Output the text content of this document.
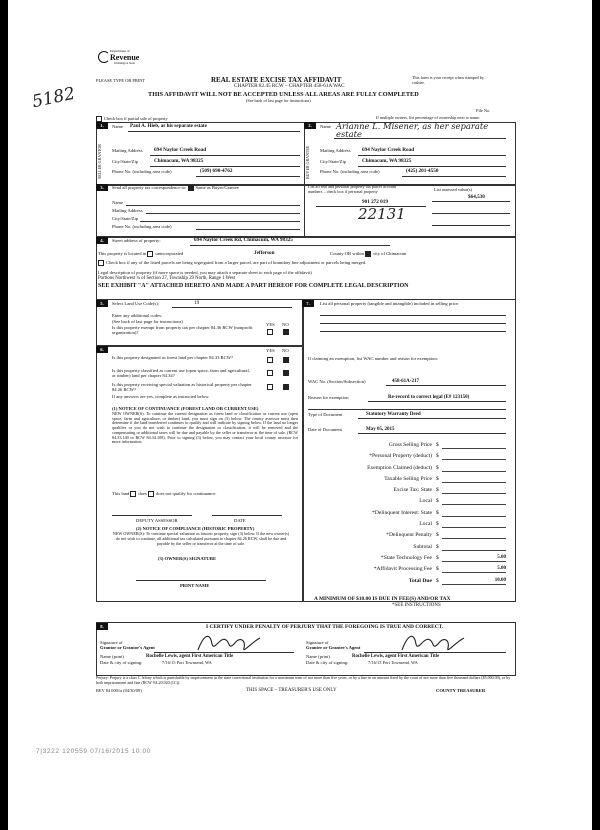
5182
Department of
Revenue
Washington State
PLEASE TYPE OR PRINT	REAL ESTATE EXCISE TAX AFFIDAVIT
CHAPTER 82.45 RCW – CHAPTER 458-61A WAC
THIS AFFIDAVIT WILL NOT BE ACCEPTED UNLESS ALL AREAS ARE FULLY COMPLETED
(See back of last page for instructions)
This form is your receipt when stamped by cashier.
File No.
Check box if partial sale of property	If multiple owners, list percentage of ownership next to name.
1.	2.
SELLER GRANTOR	BUYER GRANTEE
Name Paul A. Hieb, as his separate estate
Mailing Address 694 Naylor Creek Road
City/State/Zip	Chimacum, WA 98325
Phone No. (including area code)	(509) 690-4762
Name Arianne L. Misener, as her separate estate
Mailing Address 694 Naylor Creek Road
City/State/Zip	Chimacum, WA 98325
Phone No. (including area code)	(425) 201-4550
3.	Send all property tax correspondence to: Same as Buyer/Grantee	List all real and personal property tax parcel account numbers – check box if personal property	List assessed value(s)
Name
Mailing Address
City/State/Zip
Phone No. (including area code)
901 272 019
$64,530
22131
4.	Street address of property:	694 Naylor Creek Rd, Chimacum, WA 98325
This property is located in unincorporated	Jefferson	County OR within city of Chimacum
Check box if any of the listed parcels are being segregated from a larger parcel, are part of boundary line adjustment or parcels being merged.
Legal description of property (if more space is needed, you may attach a separate sheet to each page of the affidavit)
Portions Northwest ¼ of Section 27, Township 29 North, Range 1 West
SEE EXHIBIT "A" ATTACHED HERETO AND MADE A PART HEREOF FOR COMPLETE LEGAL DESCRIPTION
5.	Select Land Use Code(s):	19
Enter any additional codes:
(See back of last page for instructions)
Is this property exempt from property tax per chapter 84.36 RCW (nonprofit organization)?
YES NO
6.	YES NO
Is this property designated as forest land per chapter 84.33 RCW?
Is this property classified as current use (open space, farm and agricultural, or timber) land per chapter 84.34?
Is this property receiving special valuation as historical property per chapter 84.26 RCW?
If any answers are yes, complete as instructed below.
(1) NOTICE OF CONTINUANCE (FOREST LAND OR CURRENT USE)
NEW OWNER(S): To continue the current designation as forest land or classification as current use (open space, farm and agriculture, or timber) land, you must sign on (3) below. The county assessor must then determine if the land transferred continues to qualify and will indicate by signing below. If the land no longer qualifies or you do not wish to continue the designation or classification, it will be removed and the compensating or additional taxes will be due and payable by the seller or transferor at the time of sale. (RCW 84.33.140 or RCW 84.34.108). Prior to signing (3) below, you may contact your local county assessor for more information.
This land does does not qualify for continuance.
DEPUTY ASSESSOR	DATE
(2) NOTICE OF COMPLIANCE (HISTORIC PROPERTY)
NEW OWNER(S): To continue special valuation as historic property, sign (3) below. If the new owner(s) do not wish to continue, all additional tax calculated pursuant to chapter 84.26 RCW, shall be due and payable by the seller or transferor at the time of sale.
(3) OWNER(S) SIGNATURE
PRINT NAME
7.	List all personal property (tangible and intangible) included in selling price.
If claiming an exemption, list WAC number and reason for exemption:
WAC No. (Section/Subsection)	458-61A-217
Reason for exemption	Re-record to correct legal (E# 123150)
Type of Document	Statutory Warranty Deed
Date of Document	May 05, 2015
Gross Selling Price $
*Personal Property (deduct) $
Exemption Claimed (deduct) $
Taxable Selling Price $
Excise Tax: State $
Local $
*Delinquent Interest: State $
Local $
*Delinquent Penalty $
Subtotal $
*State Technology Fee $	5.00
*Affidavit Processing Fee $	5.00
Total Due $	10.00
A MINIMUM OF $10.00 IS DUE IN FEE(S) AND/OR TAX
*SEE INSTRUCTIONS
8.	I CERTIFY UNDER PENALTY OF PERJURY THAT THE FOREGOING IS TRUE AND CORRECT.
Signature of
Grantor or Grantor's Agent
Name (print)	Rochelle Lewis, agent First American Title
Date & city of signing:	7/16/15 Port Townsend, WA
Signature of
Grantee or Grantee's Agent
Name (print)	Rochelle Lewis, agent First American Title
Date & city of signing:	7/16/15 Port Townsend, WA
Perjury: Perjury is a class C felony which is punishable by imprisonment in the state correctional institution for a maximum term of not more than five years, or by a fine in an amount fixed by the court of not more than five thousand dollars ($5,000.00), or by both imprisonment and fine (RCW 9A.20.020 (1C)).
REV 84 0001a (04/30/09)	THIS SPACE – TREASURER'S USE ONLY	COUNTY TREASURER
7|3222 120559 07/16/2015 10:00
